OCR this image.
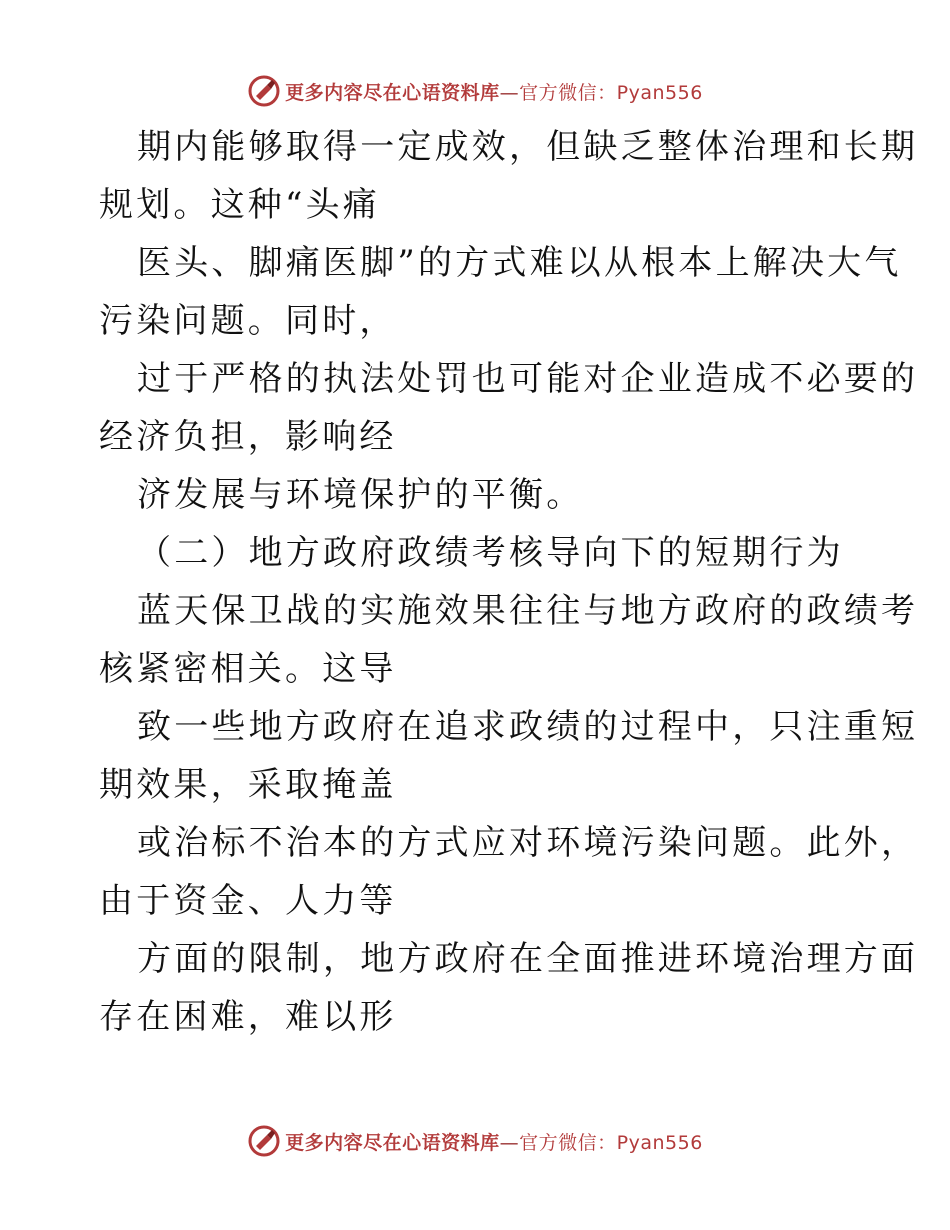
更多内容尽在心语资料库—官方微信：Pyan556
期内能够取得一定成效，但缺乏整体治理和长期
规划。这种“头痛
医头、脚痛医脚”的方式难以从根本上解决大气
污染问题。同时，
过于严格的执法处罚也可能对企业造成不必要的
经济负担，影响经
济发展与环境保护的平衡。
（二）地方政府政绩考核导向下的短期行为
蓝天保卫战的实施效果往往与地方政府的政绩考
核紧密相关。这导
致一些地方政府在追求政绩的过程中，只注重短
期效果，采取掩盖
或治标不治本的方式应对环境污染问题。此外，
由于资金、人力等
方面的限制，地方政府在全面推进环境治理方面
存在困难，难以形
更多内容尽在心语资料库—官方微信：Pyan556
